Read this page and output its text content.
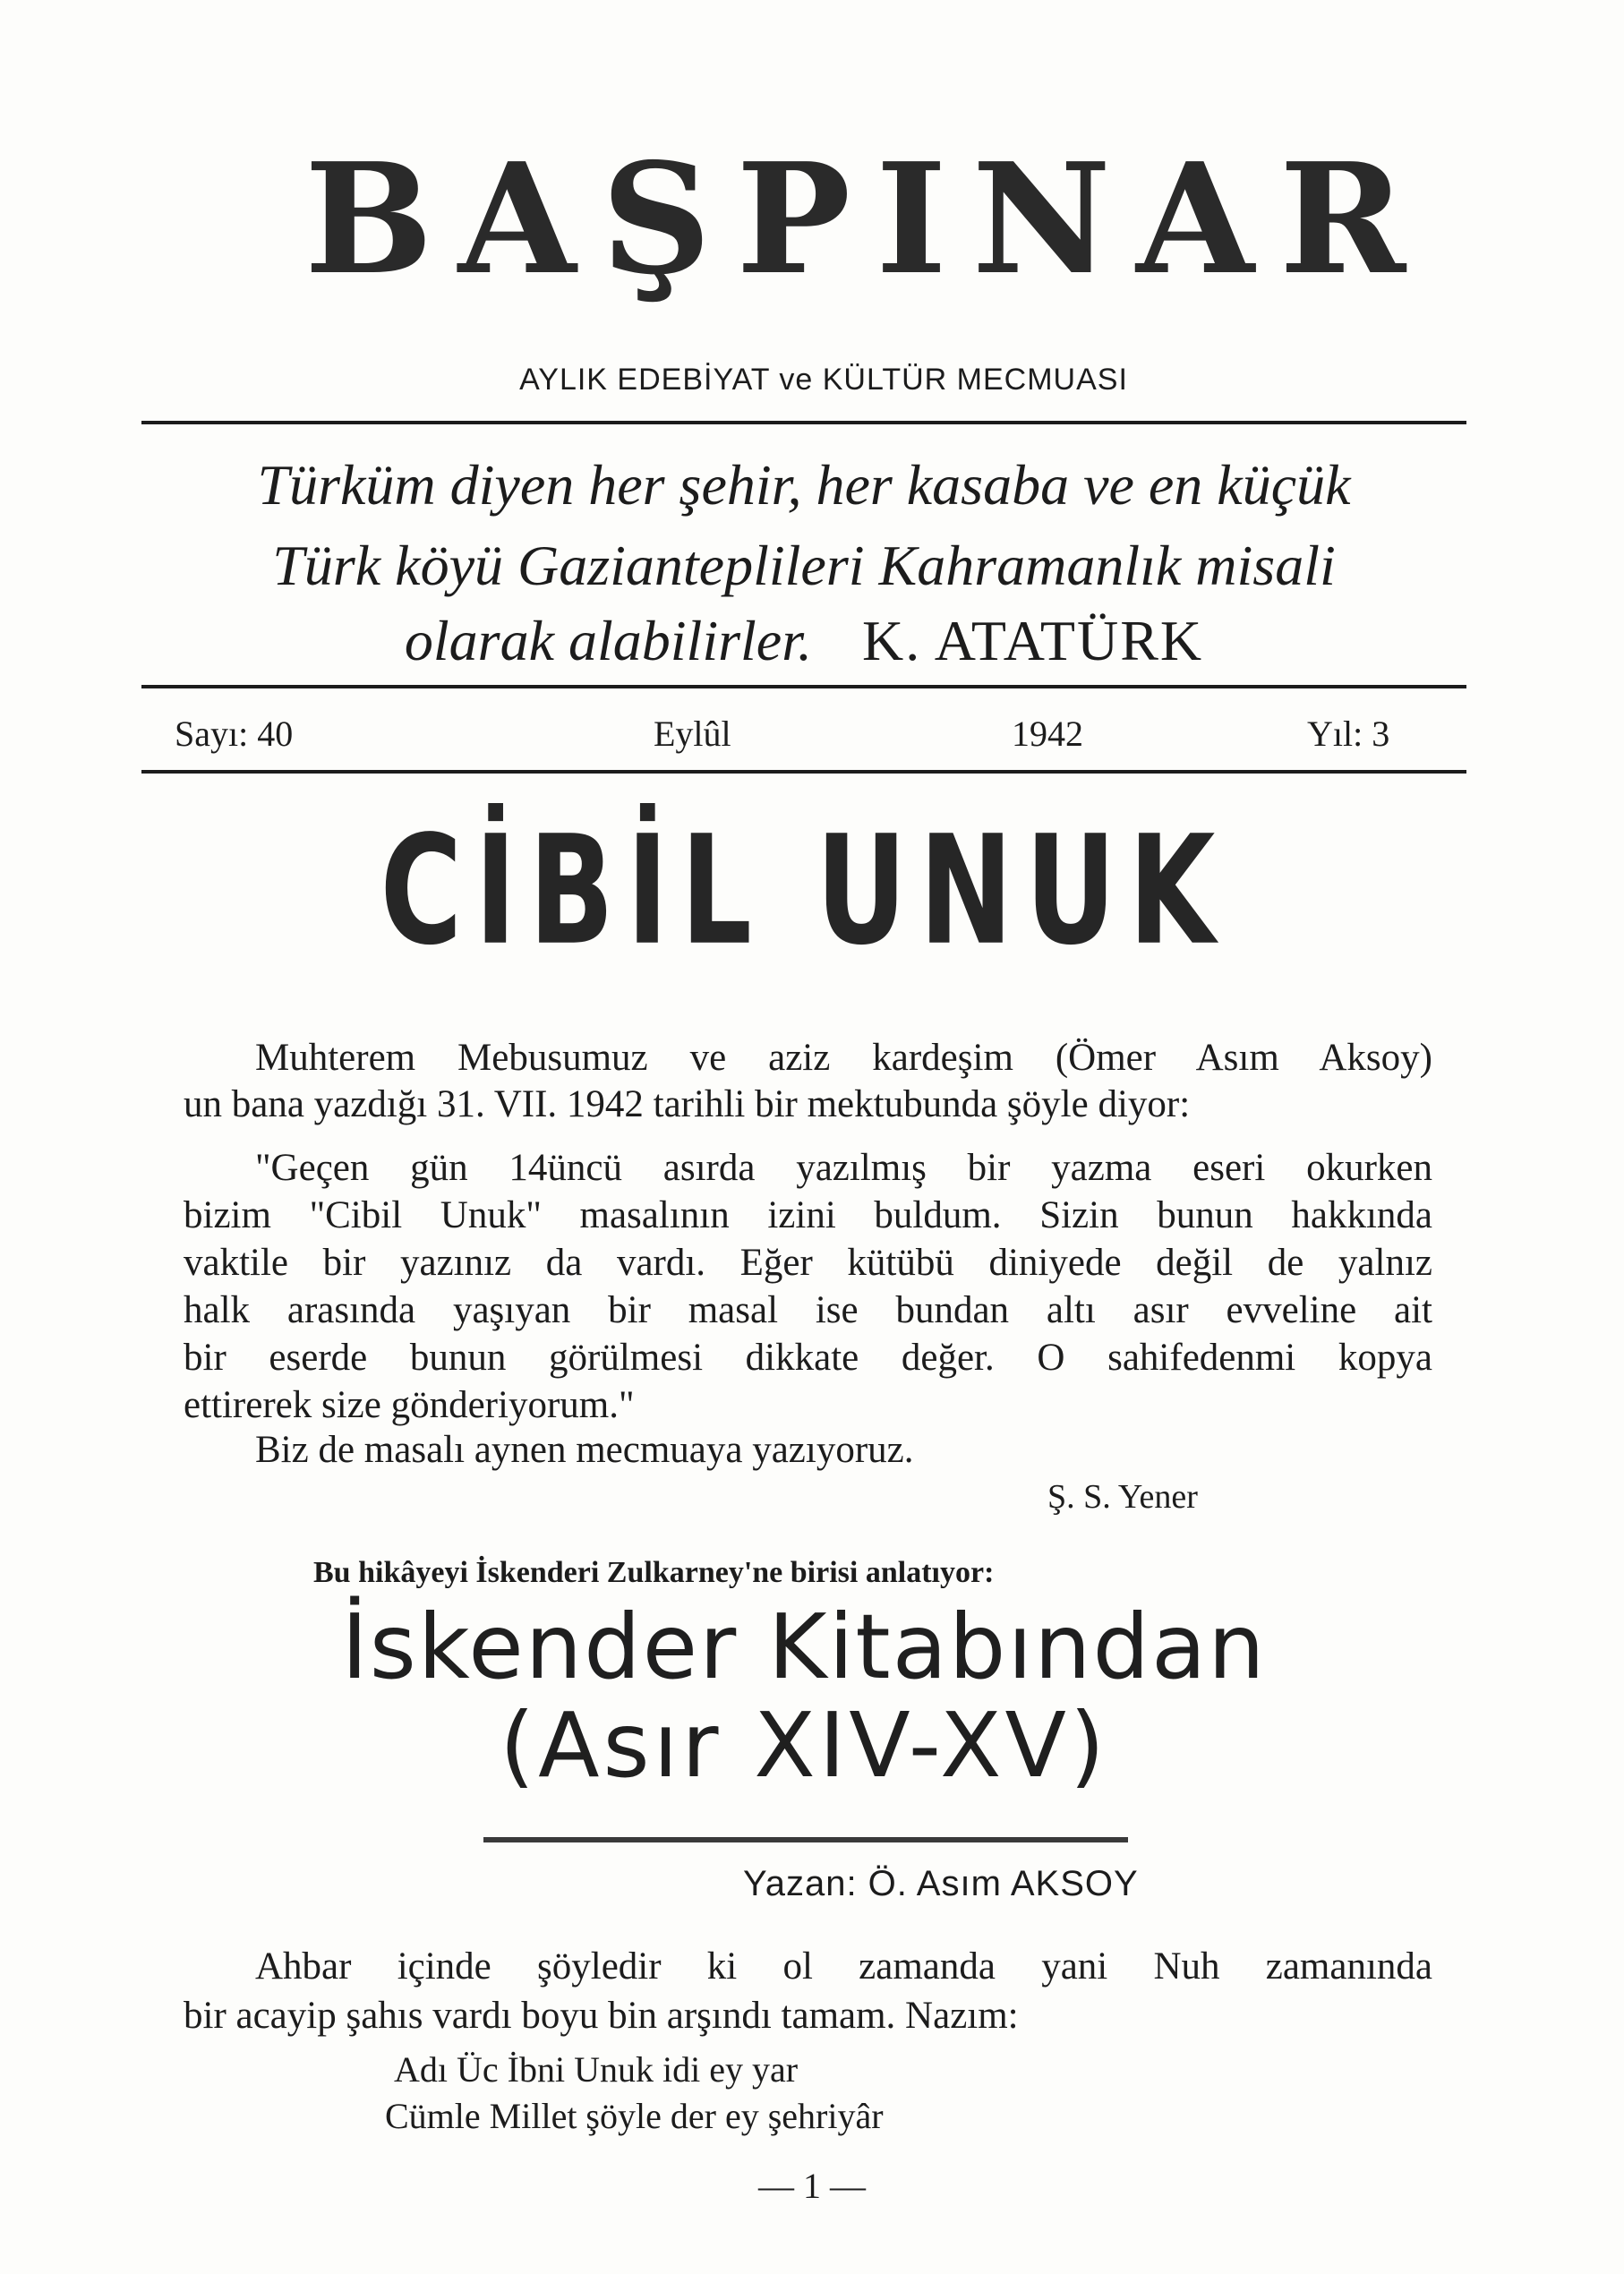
BAŞPINAR
AYLIK EDEBİYAT ve KÜLTÜR MECMUASI
Türküm diyen her şehir, her kasaba ve en küçük
Türk köyü Gazianteplileri Kahramanlık misali
olarak alabilirler. K. ATATÜRK
Sayı: 40	Eylûl	1942	Yıl: 3
CİBİL UNUK
Muhterem Mebusumuz ve aziz kardeşim (Ömer Asım Aksoy)
un bana yazdığı 31. VII. 1942 tarihli bir mektubunda şöyle diyor:
"Geçen gün 14üncü asırda yazılmış bir yazma eseri okurken
bizim "Cibil Unuk" masalının izini buldum. Sizin bunun hakkında
vaktile bir yazınız da vardı. Eğer kütübü diniyede değil de yalnız
halk arasında yaşıyan bir masal ise bundan altı asır evveline ait
bir eserde bunun görülmesi dikkate değer. O sahifedenmi kopya
ettirerek size gönderiyorum."
Biz de masalı aynen mecmuaya yazıyoruz.
Ş. S. Yener
Bu hikâyeyi İskenderi Zulkarney'ne birisi anlatıyor:
İskender Kitabından
(Asır XIV-XV)
Yazan: Ö. Asım AKSOY
Ahbar içinde şöyledir ki ol zamanda yani Nuh zamanında
bir acayip şahıs vardı boyu bin arşındı tamam. Nazım:
Adı Üc İbni Unuk idi ey yar
Cümle Millet şöyle der ey şehriyâr
— 1 —
